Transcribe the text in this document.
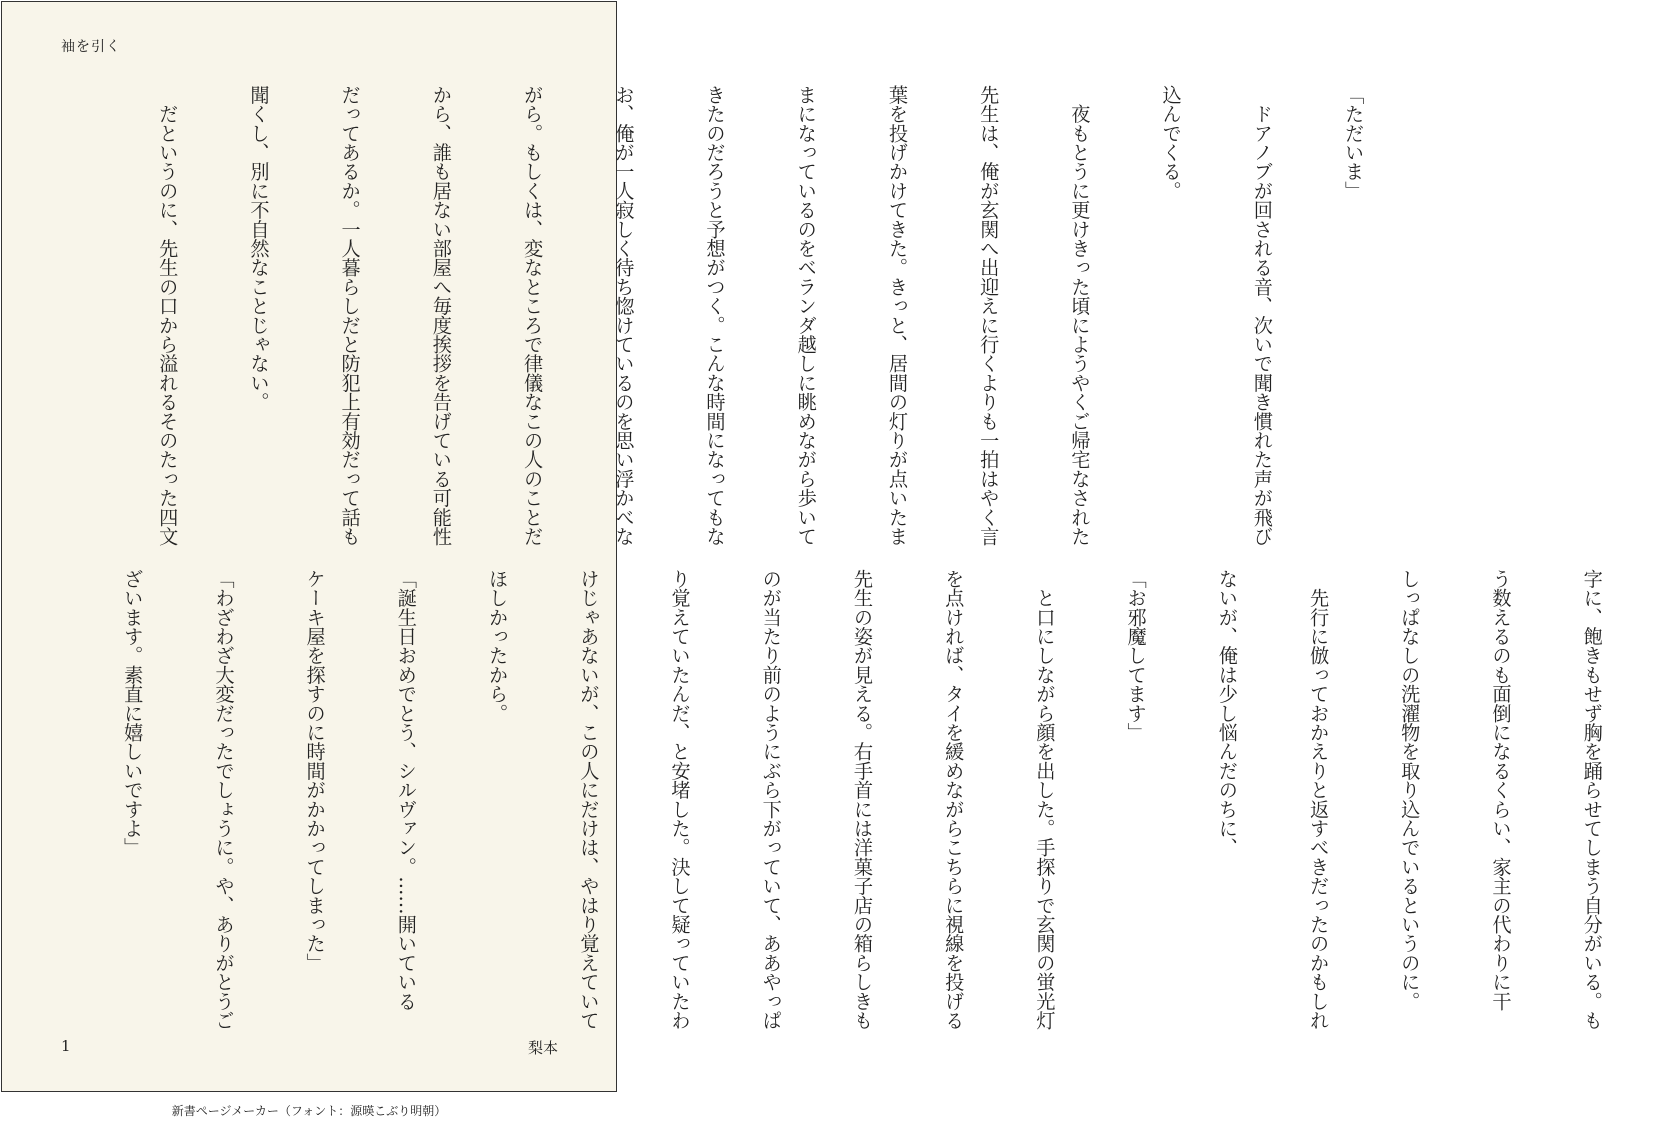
袖を引く

「ただいま」

　ドアノブが回される音、次いで聞き慣れた声が飛び

込んでくる。

　夜もとうに更けきった頃にようやくご帰宅なされた

先生は、俺が玄関へ出迎えに行くよりも一拍はやく言

葉を投げかけてきた。きっと、居間の灯りが点いたま

まになっているのをベランダ越しに眺めながら歩いて

きたのだろうと予想がつく。こんな時間になってもな

お、俺が一人寂しく待ち惚けているのを思い浮かべな

がら。もしくは、変なところで律儀なこの人のことだ

から、誰も居ない部屋へ毎度挨拶を告げている可能性

だってあるか。一人暮らしだと防犯上有効だって話も

聞くし、別に不自然なことじゃない。

　だというのに、先生の口から溢れるそのたった四文

字に、飽きもせず胸を踊らせてしまう自分がいる。も

う数えるのも面倒になるくらい、家主の代わりに干

しっぱなしの洗濯物を取り込んでいるというのに。

　先行に倣っておかえりと返すべきだったのかもしれ

ないが、俺は少し悩んだのちに、

「お邪魔してます」

　と口にしながら顔を出した。手探りで玄関の蛍光灯

を点ければ、タイを緩めながらこちらに視線を投げる

先生の姿が見える。右手首には洋菓子店の箱らしきも

のが当たり前のようにぶら下がっていて、ああやっぱ

り覚えていたんだ、と安堵した。決して疑っていたわ

けじゃあないが、この人にだけは、やはり覚えていて

ほしかったから。

「誕生日おめでとう、シルヴァン。……開いている

ケーキ屋を探すのに時間がかかってしまった」

「わざわざ大変だったでしょうに。や、ありがとうご

ざいます。素直に嬉しいですよ」

1	梨本
新書ページメーカー（フォント：源暎こぶり明朝）
